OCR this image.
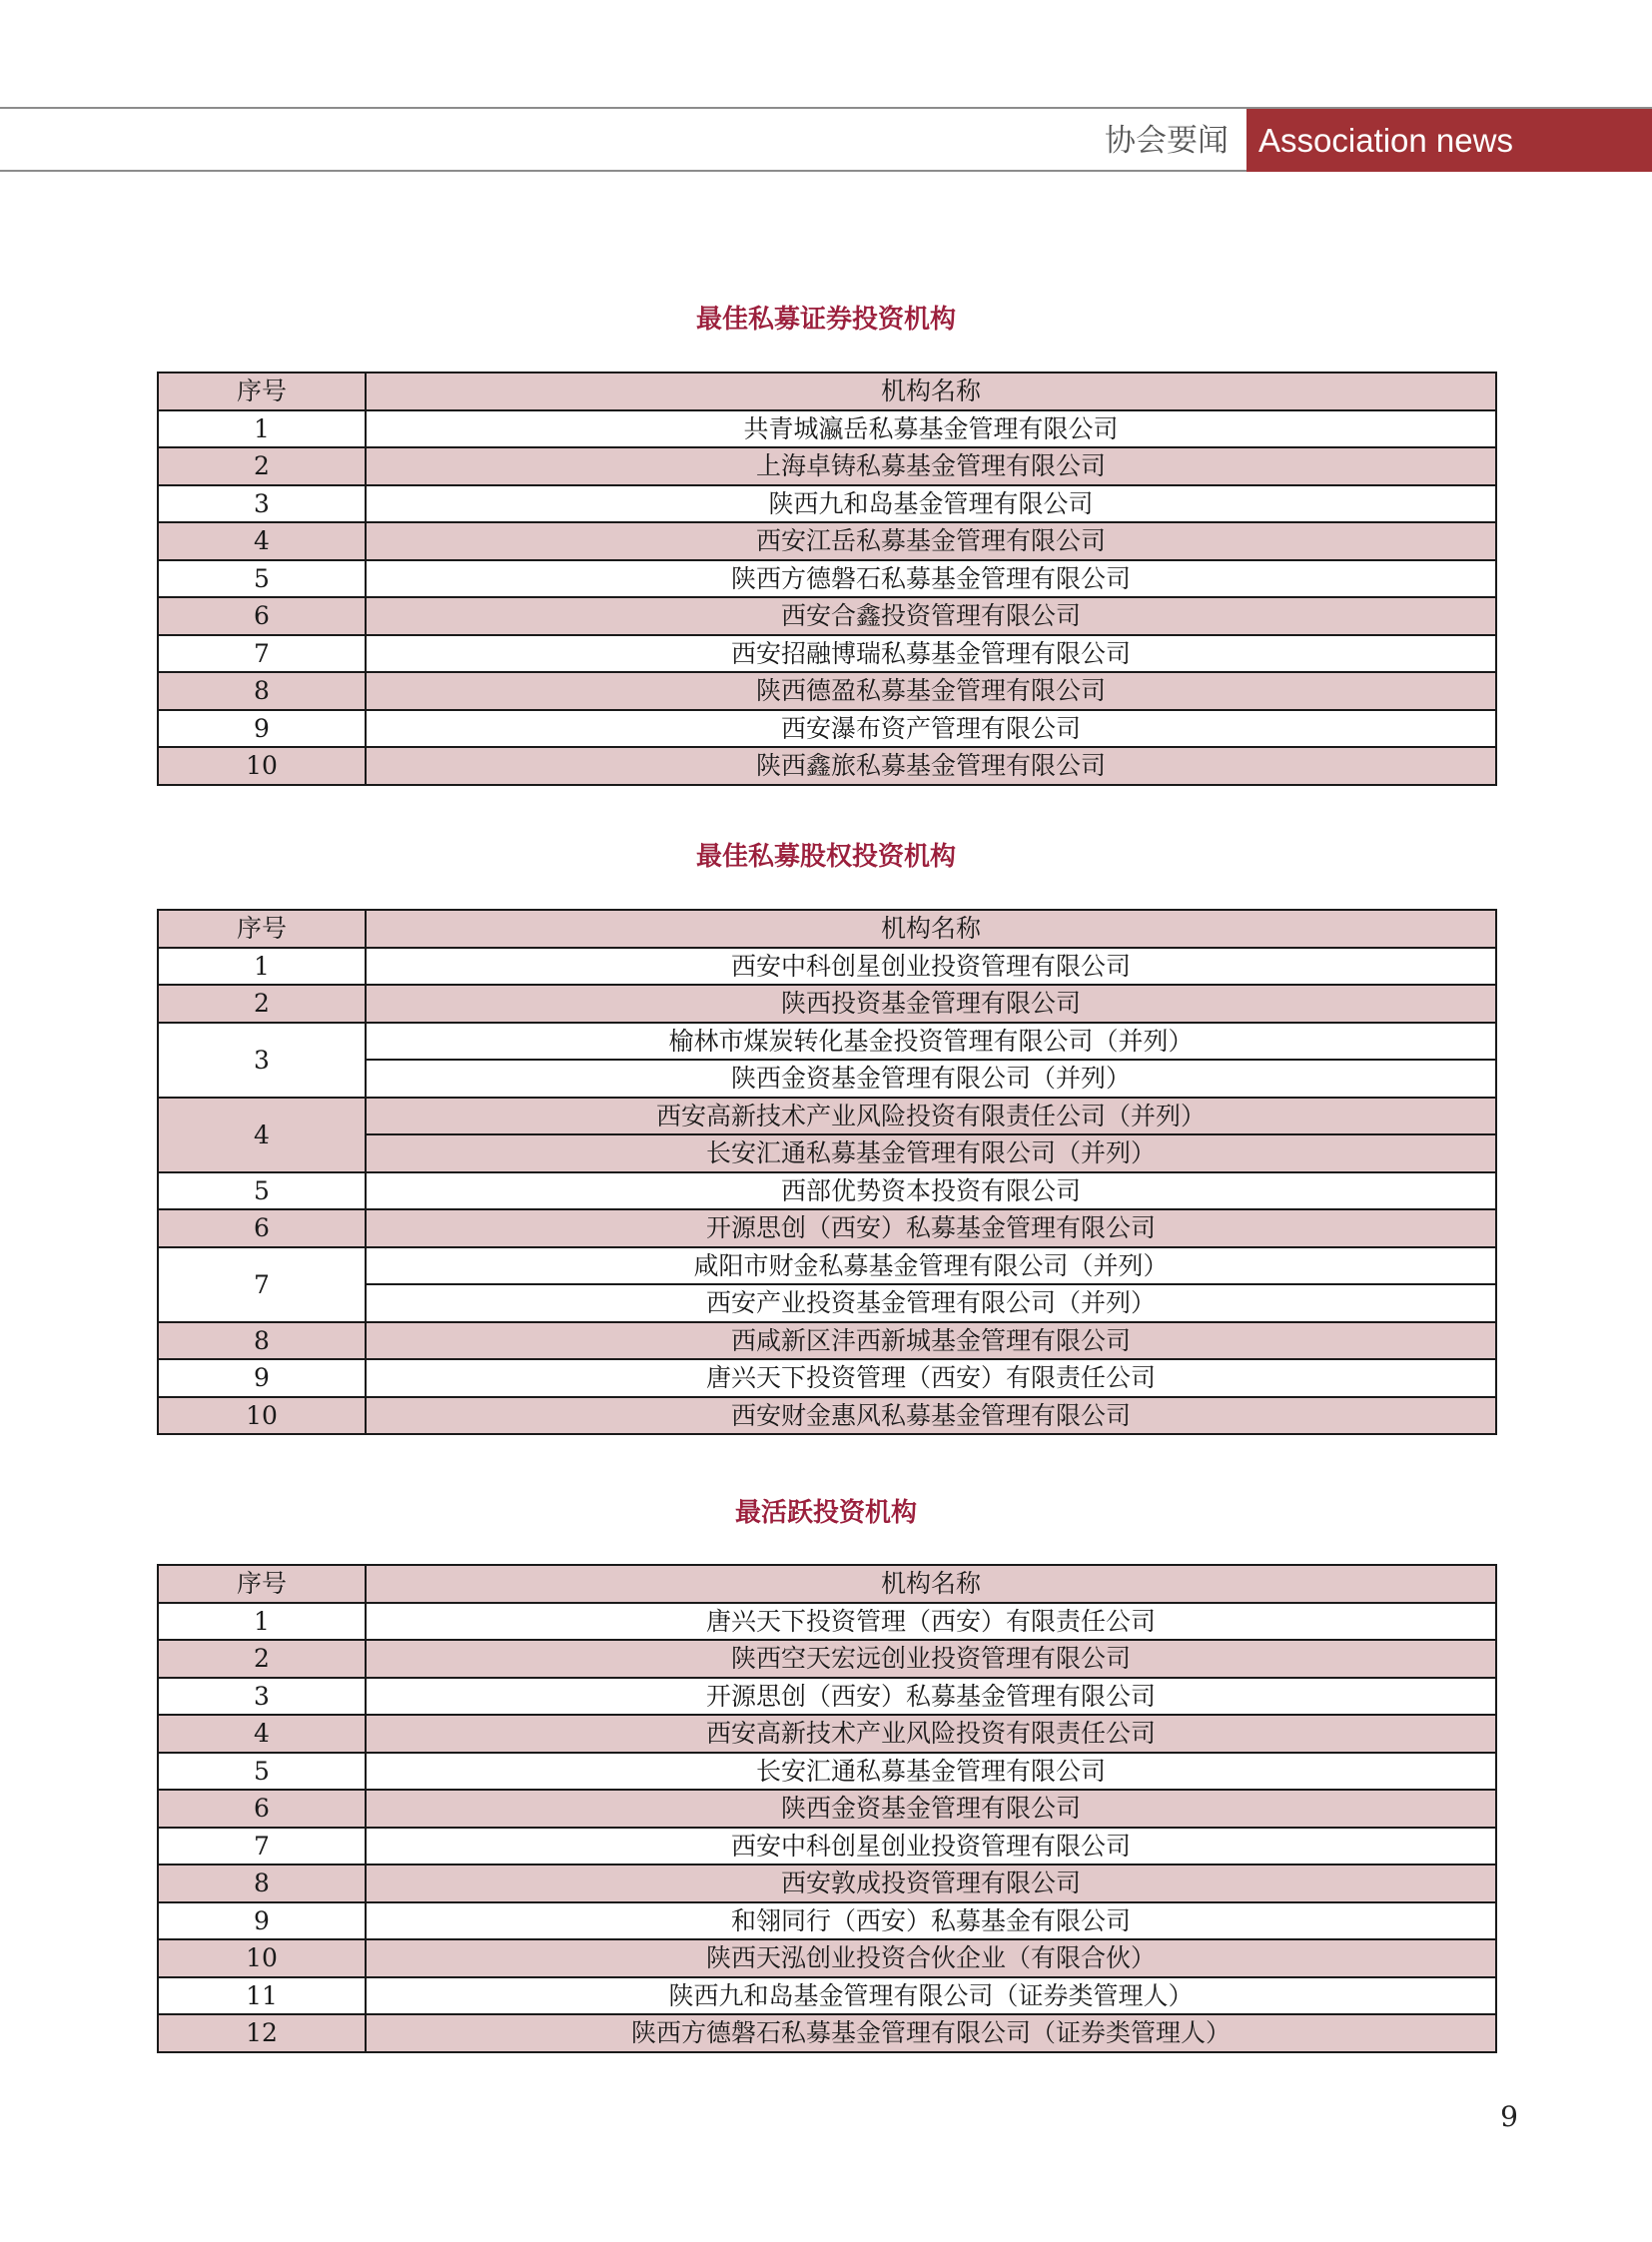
协会要闻 Association news
最佳私募证券投资机构
序号	机构名称
1	共青城瀛岳私募基金管理有限公司
2	上海卓铸私募基金管理有限公司
3	陕西九和岛基金管理有限公司
4	西安江岳私募基金管理有限公司
5	陕西方德磐石私募基金管理有限公司
6	西安合鑫投资管理有限公司
7	西安招融博瑞私募基金管理有限公司
8	陕西德盈私募基金管理有限公司
9	西安瀑布资产管理有限公司
10	陕西鑫旅私募基金管理有限公司
最佳私募股权投资机构
序号	机构名称
1	西安中科创星创业投资管理有限公司
2	陕西投资基金管理有限公司
3	榆林市煤炭转化基金投资管理有限公司（并列）
	陕西金资基金管理有限公司（并列）
4	西安高新技术产业风险投资有限责任公司（并列）
	长安汇通私募基金管理有限公司（并列）
5	西部优势资本投资有限公司
6	开源思创（西安）私募基金管理有限公司
7	咸阳市财金私募基金管理有限公司（并列）
	西安产业投资基金管理有限公司（并列）
8	西咸新区沣西新城基金管理有限公司
9	唐兴天下投资管理（西安）有限责任公司
10	西安财金惠风私募基金管理有限公司
最活跃投资机构
序号	机构名称
1	唐兴天下投资管理（西安）有限责任公司
2	陕西空天宏远创业投资管理有限公司
3	开源思创（西安）私募基金管理有限公司
4	西安高新技术产业风险投资有限责任公司
5	长安汇通私募基金管理有限公司
6	陕西金资基金管理有限公司
7	西安中科创星创业投资管理有限公司
8	西安敦成投资管理有限公司
9	和翎同行（西安）私募基金有限公司
10	陕西天泓创业投资合伙企业（有限合伙）
11	陕西九和岛基金管理有限公司（证券类管理人）
12	陕西方德磐石私募基金管理有限公司（证券类管理人）
9
